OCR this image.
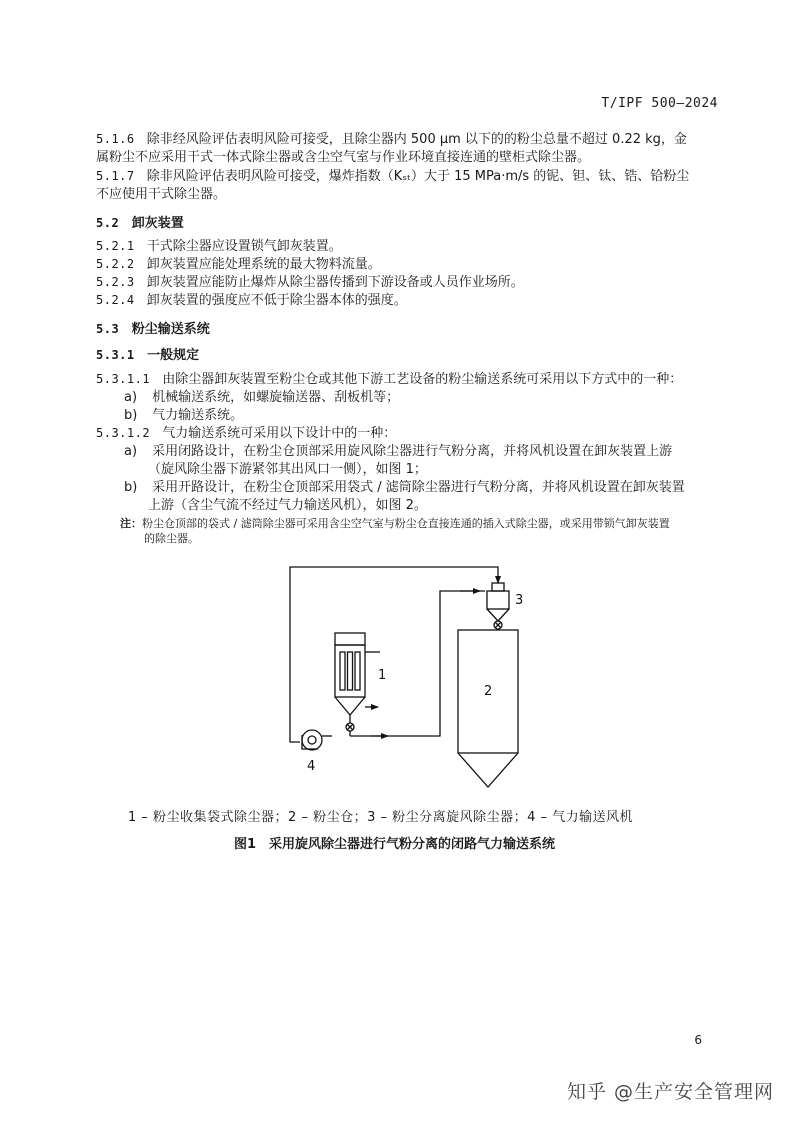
T/IPF 500—2024
5.1.6 除非经风险评估表明风险可接受，且除尘器内 500 μm 以下的的粉尘总量不超过 0.22 kg，金
属粉尘不应采用干式一体式除尘器或含尘空气室与作业环境直接连通的壁柜式除尘器。
5.1.7 除非风险评估表明风险可接受，爆炸指数（Kₛₜ）大于 15 MPa·m/s 的铌、钽、钛、锆、铪粉尘
不应使用干式除尘器。
5.2 卸灰装置
5.2.1 干式除尘器应设置锁气卸灰装置。
5.2.2 卸灰装置应能处理系统的最大物料流量。
5.2.3 卸灰装置应能防止爆炸从除尘器传播到下游设备或人员作业场所。
5.2.4 卸灰装置的强度应不低于除尘器本体的强度。
5.3 粉尘输送系统
5.3.1 一般规定
5.3.1.1 由除尘器卸灰装置至粉尘仓或其他下游工艺设备的粉尘输送系统可采用以下方式中的一种：
a) 机械输送系统，如螺旋输送器、刮板机等；
b) 气力输送系统。
5.3.1.2 气力输送系统可采用以下设计中的一种：
a) 采用闭路设计，在粉尘仓顶部采用旋风除尘器进行气粉分离，并将风机设置在卸灰装置上游
（旋风除尘器下游紧邻其出风口一侧），如图 1；
b) 采用开路设计，在粉尘仓顶部采用袋式 / 滤筒除尘器进行气粉分离，并将风机设置在卸灰装置
上游（含尘气流不经过气力输送风机），如图 2。
注：粉尘仓顶部的袋式 / 滤筒除尘器可采用含尘空气室与粉尘仓直接连通的插入式除尘器，或采用带锁气卸灰装置
的除尘器。
1
2
3
4
1 – 粉尘收集袋式除尘器；2 – 粉尘仓；3 – 粉尘分离旋风除尘器；4 – 气力输送风机
图1　采用旋风除尘器进行气粉分离的闭路气力输送系统
6
知乎 @生产安全管理网
